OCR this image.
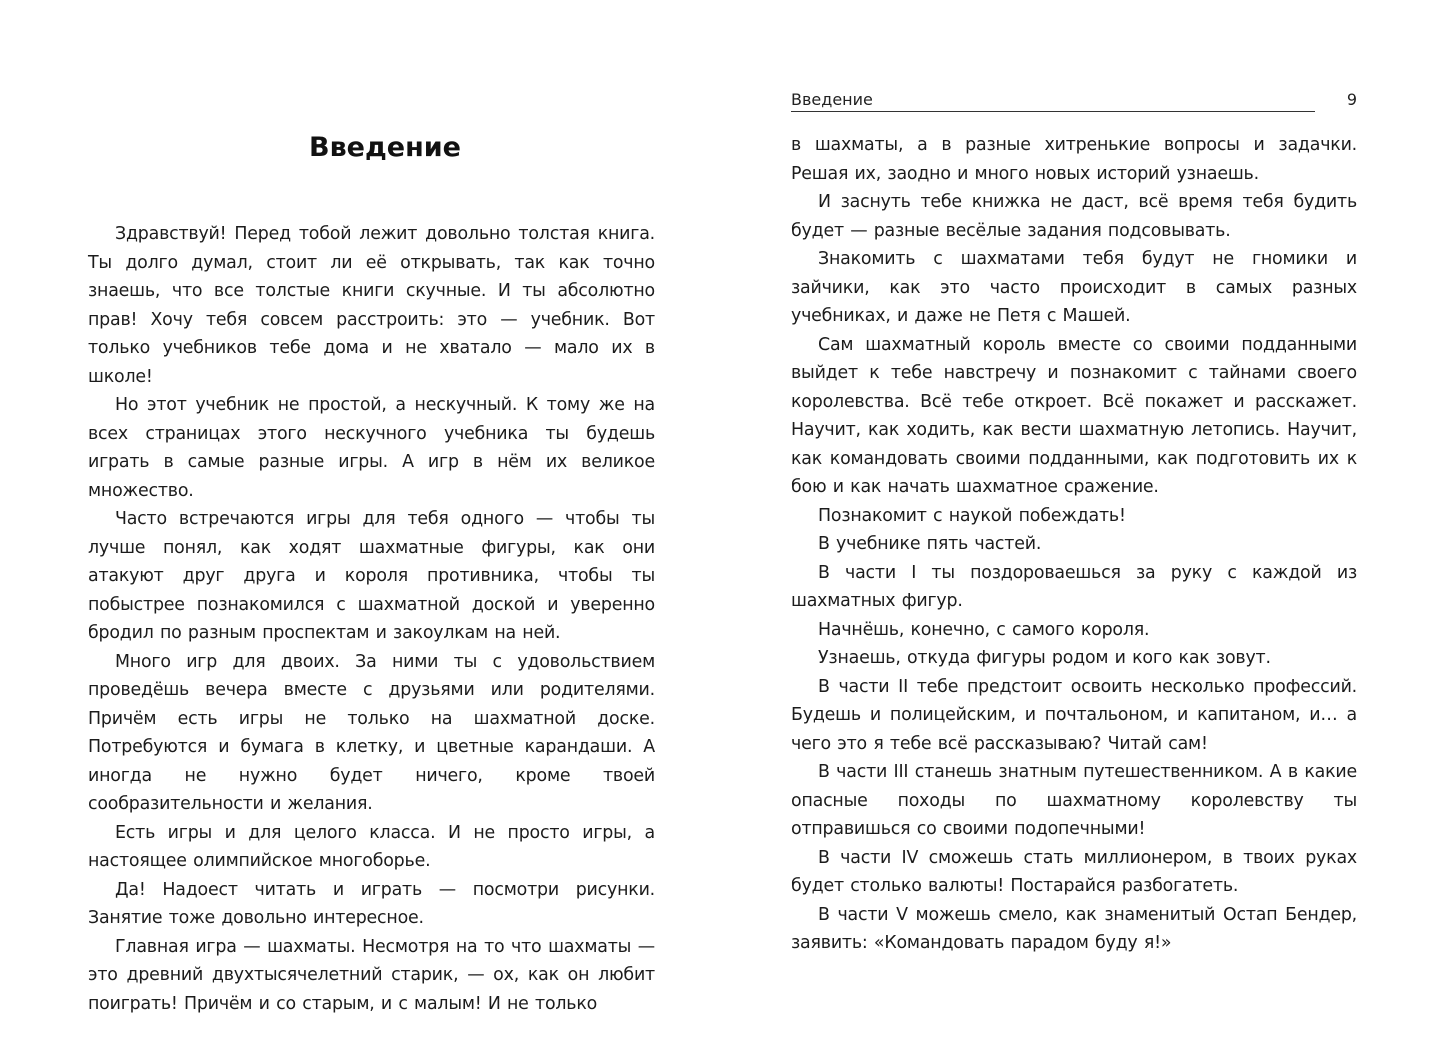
Введение

Здравствуй! Перед тобой лежит довольно толстая книга. Ты долго думал, стоит ли её открывать, так как точно знаешь, что все толстые книги скучные. И ты абсолютно прав! Хочу тебя совсем расстроить: это — учебник. Вот только учебников тебе дома и не хватало — мало их в школе!

Но этот учебник не простой, а нескучный. К тому же на всех страницах этого нескучного учебника ты будешь играть в самые разные игры. А игр в нём их великое множество.

Часто встречаются игры для тебя одного — чтобы ты лучше понял, как ходят шахматные фигуры, как они атакуют друг друга и короля противника, чтобы ты побыстрее познакомился с шахматной доской и уверенно бродил по разным проспектам и закоулкам на ней.

Много игр для двоих. За ними ты с удовольствием проведёшь вечера вместе с друзьями или родителями. Причём есть игры не только на шахматной доске. Потребуются и бумага в клетку, и цветные карандаши. А иногда не нужно будет ничего, кроме твоей сообразительности и желания.

Есть игры и для целого класса. И не просто игры, а настоящее олимпийское многоборье.

Да! Надоест читать и играть — посмотри рисунки. Занятие тоже довольно интересное.

Главная игра — шахматы. Несмотря на то что шахматы — это древний двухтысячелетний старик, — ох, как он любит поиграть! Причём и со старым, и с малым! И не только

Введение	9

в шахматы, а в разные хитренькие вопросы и задачки. Решая их, заодно и много новых историй узнаешь.

И заснуть тебе книжка не даст, всё время тебя будить будет — разные весёлые задания подсовывать.

Знакомить с шахматами тебя будут не гномики и зайчики, как это часто происходит в самых разных учебниках, и даже не Петя с Машей.

Сам шахматный король вместе со своими подданными выйдет к тебе навстречу и познакомит с тайнами своего королевства. Всё тебе откроет. Всё покажет и расскажет. Научит, как ходить, как вести шахматную летопись. Научит, как командовать своими подданными, как подготовить их к бою и как начать шахматное сражение.

Познакомит с наукой побеждать!

В учебнике пять частей.

В части I ты поздороваешься за руку с каждой из шахматных фигур.

Начнёшь, конечно, с самого короля.

Узнаешь, откуда фигуры родом и кого как зовут.

В части II тебе предстоит освоить несколько профессий. Будешь и полицейским, и почтальоном, и капитаном, и… а чего это я тебе всё рассказываю? Читай сам!

В части III станешь знатным путешественником. А в какие опасные походы по шахматному королевству ты отправишься со своими подопечными!

В части IV сможешь стать миллионером, в твоих руках будет столько валюты! Постарайся разбогатеть.

В части V можешь смело, как знаменитый Остап Бендер, заявить: «Командовать парадом буду я!»
